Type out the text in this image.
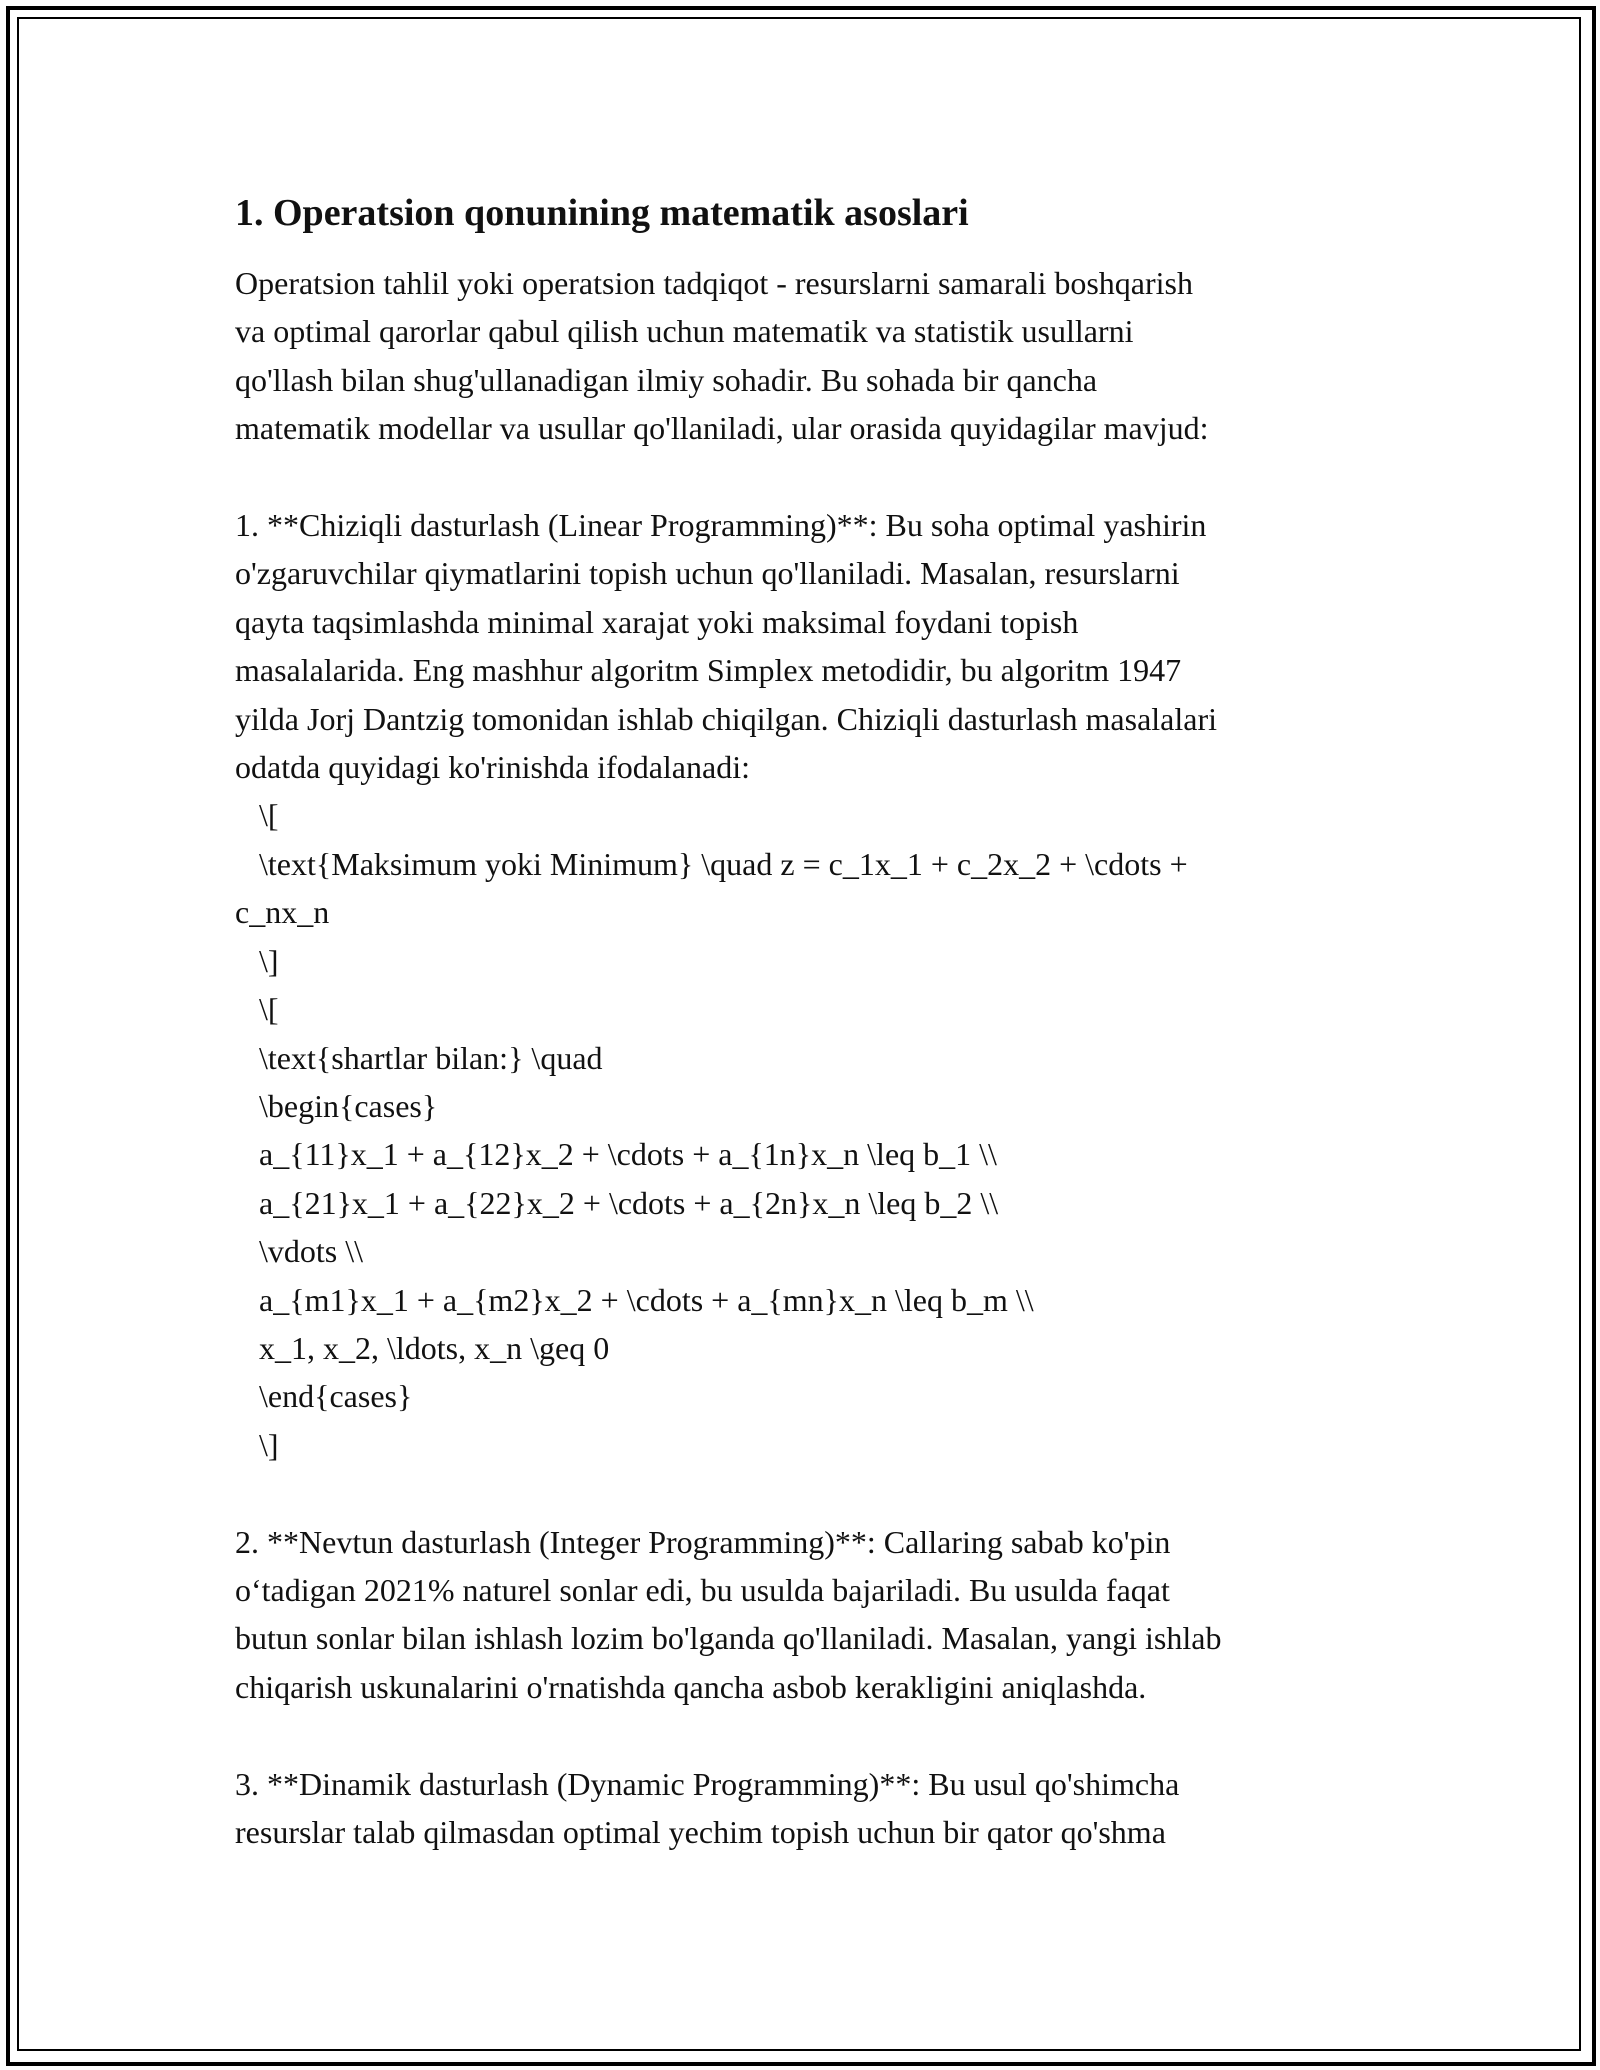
1. Operatsion qonunining matematik asoslari
Operatsion tahlil yoki operatsion tadqiqot - resurslarni samarali boshqarish
va optimal qarorlar qabul qilish uchun matematik va statistik usullarni
qo'llash bilan shug'ullanadigan ilmiy sohadir. Bu sohada bir qancha
matematik modellar va usullar qo'llaniladi, ular orasida quyidagilar mavjud:
1. **Chiziqli dasturlash (Linear Programming)**: Bu soha optimal yashirin
o'zgaruvchilar qiymatlarini topish uchun qo'llaniladi. Masalan, resurslarni
qayta taqsimlashda minimal xarajat yoki maksimal foydani topish
masalalarida. Eng mashhur algoritm Simplex metodidir, bu algoritm 1947
yilda Jorj Dantzig tomonidan ishlab chiqilgan. Chiziqli dasturlash masalalari
odatda quyidagi ko'rinishda ifodalanadi:
\[
\text{Maksimum yoki Minimum} \quad z = c_1x_1 + c_2x_2 + \cdots +
c_nx_n
\]
\[
\text{shartlar bilan:} \quad
\begin{cases}
a_{11}x_1 + a_{12}x_2 + \cdots + a_{1n}x_n \leq b_1 \\
a_{21}x_1 + a_{22}x_2 + \cdots + a_{2n}x_n \leq b_2 \\
\vdots \\
a_{m1}x_1 + a_{m2}x_2 + \cdots + a_{mn}x_n \leq b_m \\
x_1, x_2, \ldots, x_n \geq 0
\end{cases}
\]
2. **Nevtun dasturlash (Integer Programming)**: Callaring sabab ko'pin
o‘tadigan 2021% naturel sonlar edi, bu usulda bajariladi. Bu usulda faqat
butun sonlar bilan ishlash lozim bo'lganda qo'llaniladi. Masalan, yangi ishlab
chiqarish uskunalarini o'rnatishda qancha asbob kerakligini aniqlashda.
3. **Dinamik dasturlash (Dynamic Programming)**: Bu usul qo'shimcha
resurslar talab qilmasdan optimal yechim topish uchun bir qator qo'shma
